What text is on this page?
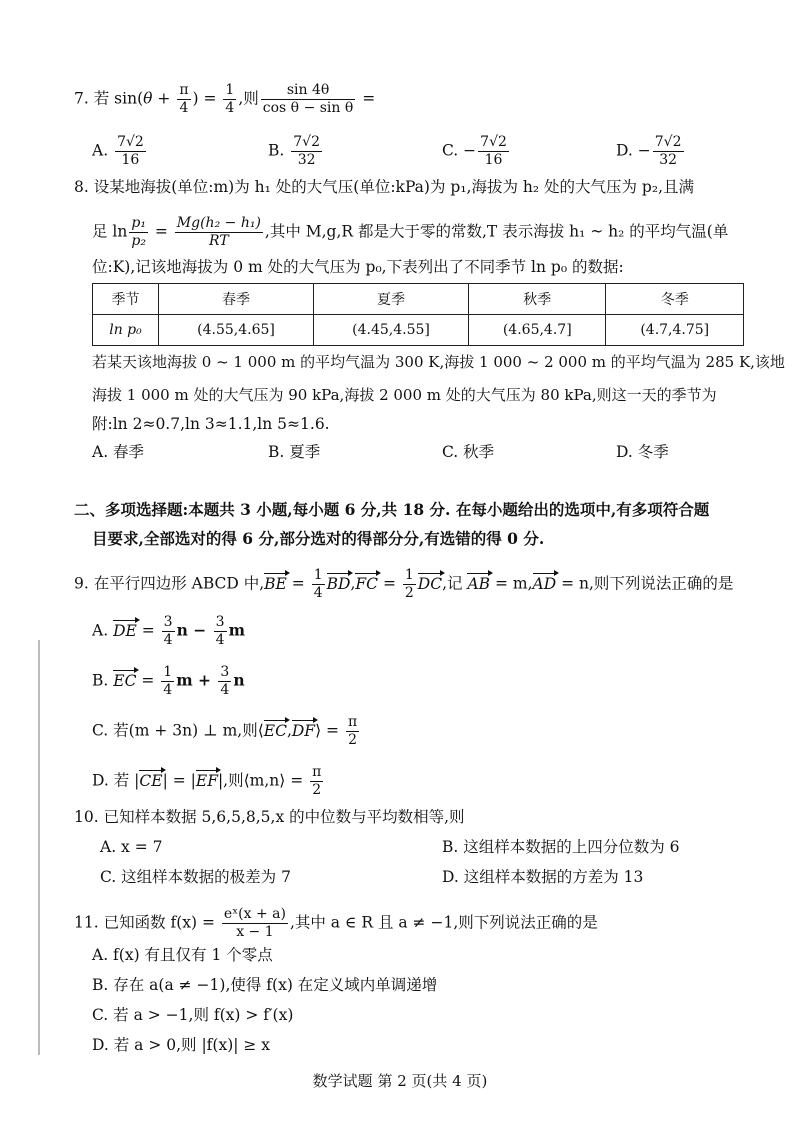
7. 若 $\sin(\theta + \frac{\pi}{4}$ ) = $\frac{1}{4}$ ,则 $\frac{\sin 4\theta}{\text{cos θ − sin θ}}$ =
A. $\frac{7√2}{16}$	B. $\frac{7√2}{32}$	C. − $\frac{7√2}{16}$	D. − $\frac{7√2}{32}$
8. 设某地海拔(单位:m)为 h₁ 处的大气压(单位:kPa)为 p₁,海拔为 h₂ 处的大气压为 p₂,且满
足 $\ln \frac{\text{p₁}}{\text{p₂}} = \frac{\text{Mg(h₂ − h₁)}}{RT}$ ,其中 M,g,R 都是大于零的常数,T 表示海拔 h₁ ~ h₂ 的平均气温(单
位:K),记该地海拔为 0 m 处的大气压为 p₀,下表列出了不同季节 ln p₀ 的数据:
季节	春季	夏季	秋季	冬季
ln p₀	(4.55,4.65]	(4.45,4.55]	(4.65,4.7]	(4.7,4.75]
若某天该地海拔 0 ~ 1 000 m 的平均气温为 300 K,海拔 1 000 ~ 2 000 m 的平均气温为 285 K,该地
海拔 1 000 m 处的大气压为 90 kPa,海拔 2 000 m 处的大气压为 80 kPa,则这一天的季节为
附:ln 2≈0.7,ln 3≈1.1,ln 5≈1.6.
A. 春季	B. 夏季	C. 秋季	D. 冬季
二、多项选择题:本题共 3 小题,每小题 6 分,共 18 分. 在每小题给出的选项中,有多项符合题
目要求,全部选对的得 6 分,部分选对的得部分分,有选错的得 0 分.
9. 在平行四边形 ABCD 中$,BE = \frac{1}{4} BD,FC = \frac{1}{2}$ DC,记 AB = m,AD = n,则下列说法正确的是
A. DE = $\frac{3}{4}$ $n - \frac{3}{4}$ m
B. EC = $\frac{1}{4}$ $m + \frac{3}{4}$ n
C. 若(m + 3n) ⊥ m,则⟨EC,DF⟩ = $\frac{\pi}{2}$
D. 若 |CE| = |EF|,则⟨m,n⟩ = $\frac{\pi}{2}$
10. 已知样本数据 5,6,5,8,5,x 的中位数与平均数相等,则
A. x = 7	B. 这组样本数据的上四分位数为 6
C. 这组样本数据的极差为 7	D. 这组样本数据的方差为 13
11. 已知函数 $f(x) = \frac{\text{eˣ(x + a)}}{x - 1}$ ,其中 a ∈ R 且 a ≠ −1,则下列说法正确的是
A. f(x) 有且仅有 1 个零点
B. 存在 a(a ≠ −1),使得 f(x) 在定义域内单调递增
C. 若 a > −1,则 f(x) > f′(x)
D. 若 a > 0,则 |f(x)| ≥ x
数学试题 第 2 页(共 4 页)
